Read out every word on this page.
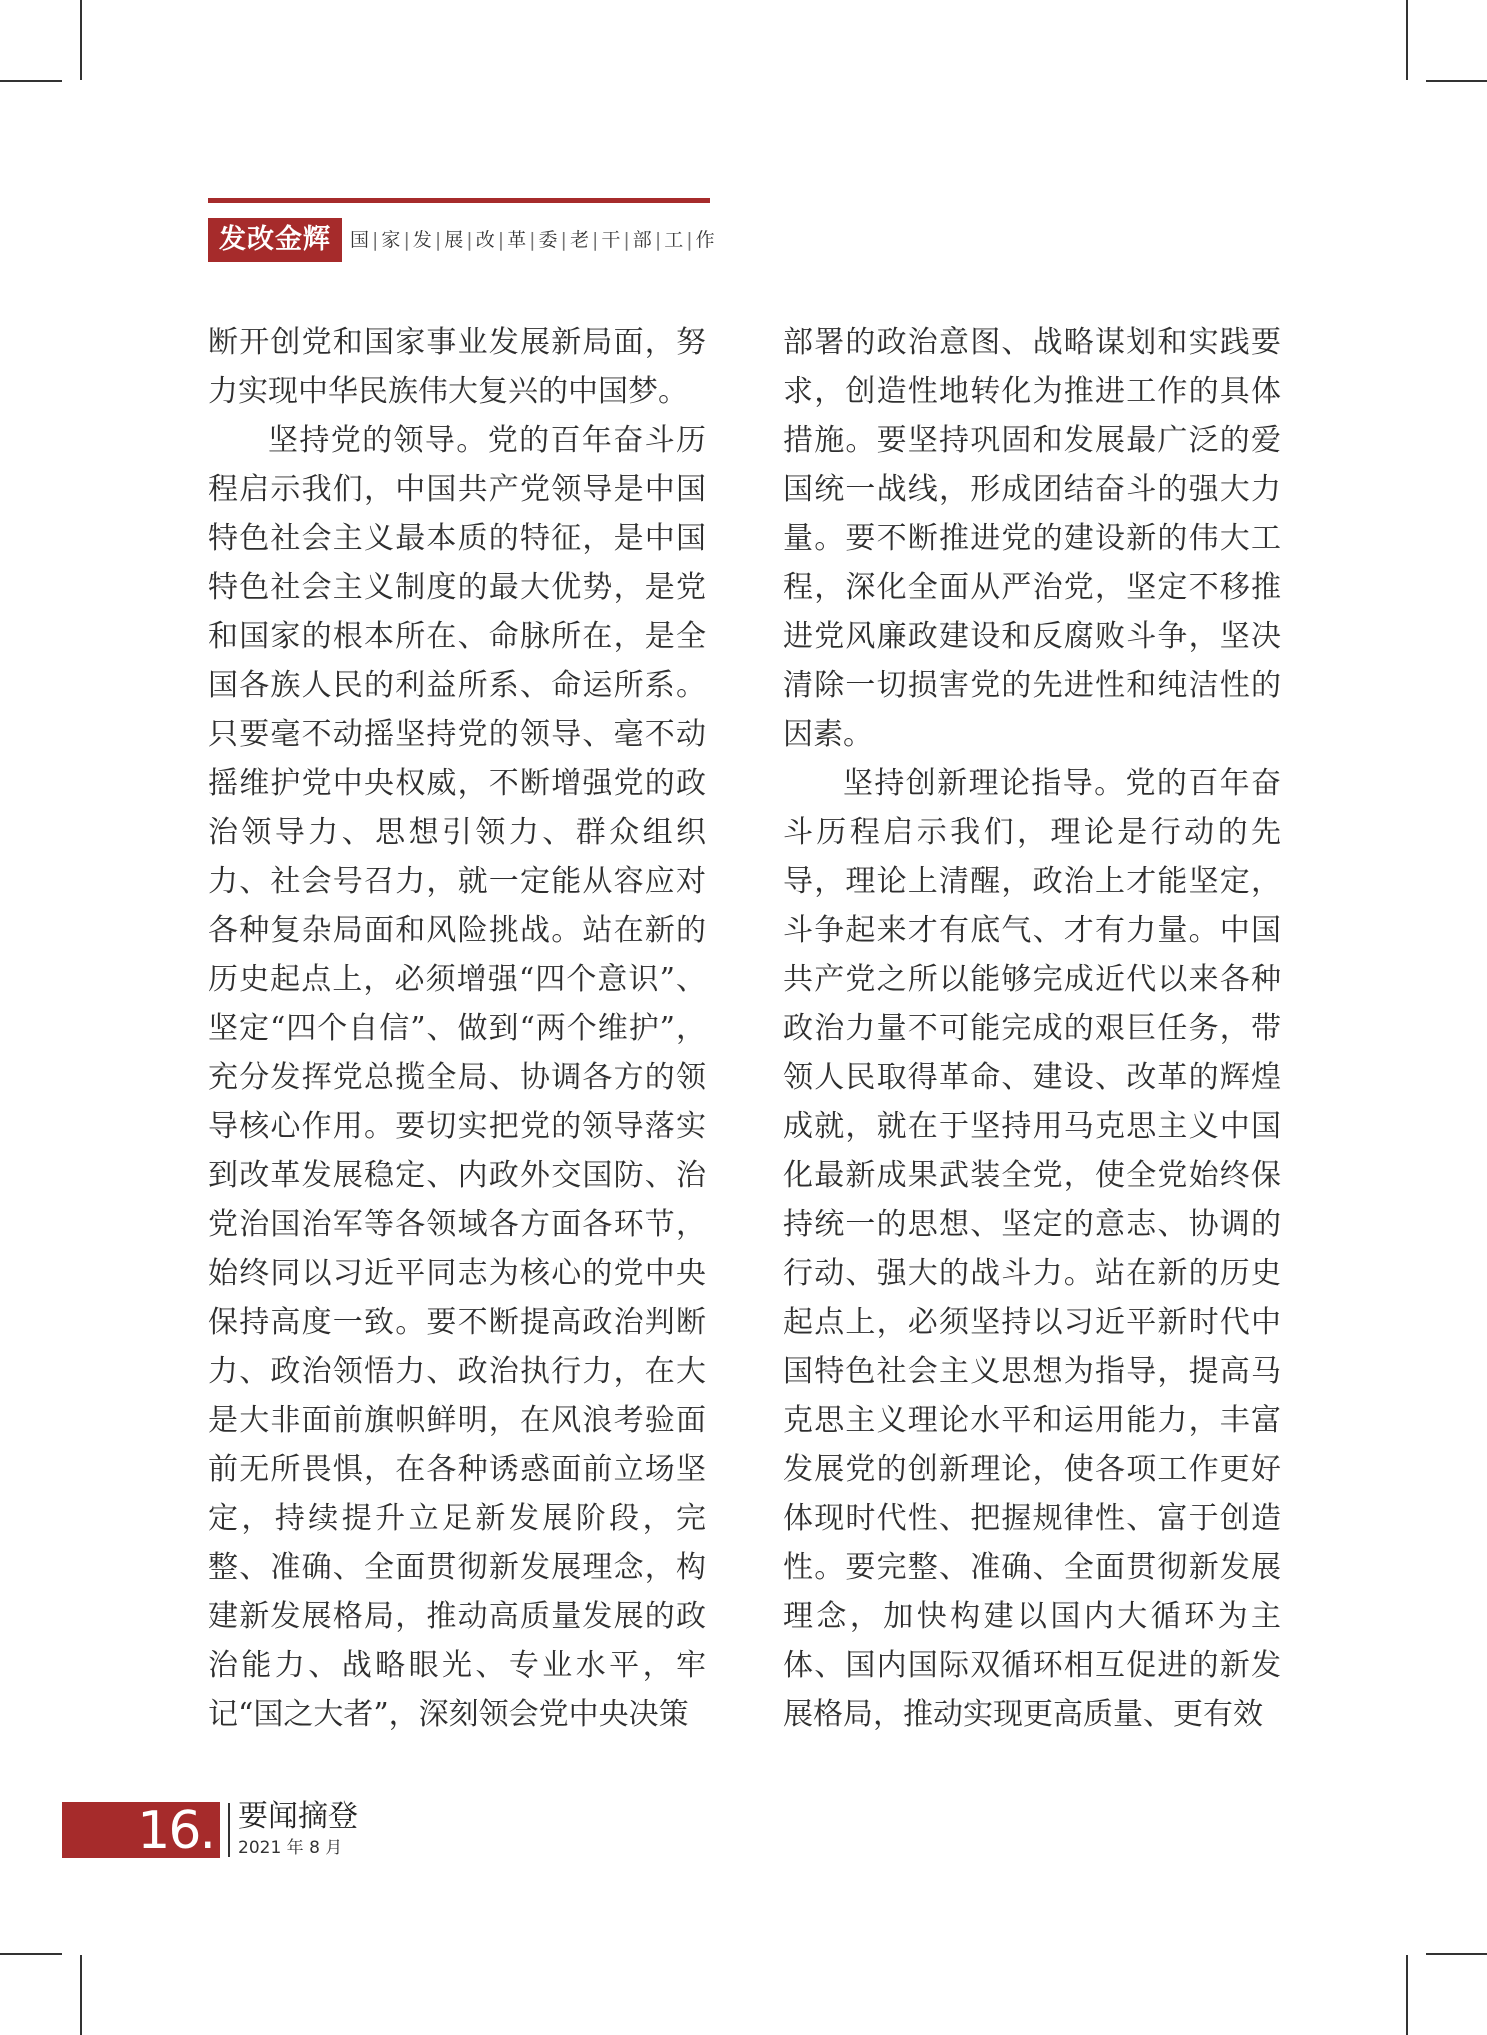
发改金辉	国 | 家 | 发 | 展 | 改 | 革 | 委 | 老 | 干 | 部 | 工 | 作

断开创党和国家事业发展新局面，努力实现中华民族伟大复兴的中国梦。

坚持党的领导。党的百年奋斗历程启示我们，中国共产党领导是中国特色社会主义最本质的特征，是中国特色社会主义制度的最大优势，是党和国家的根本所在、命脉所在，是全国各族人民的利益所系、命运所系。只要毫不动摇坚持党的领导、毫不动摇维护党中央权威，不断增强党的政治领导力、思想引领力、群众组织力、社会号召力，就一定能从容应对各种复杂局面和风险挑战。站在新的历史起点上，必须增强“四个意识”、坚定“四个自信”、做到“两个维护”，充分发挥党总揽全局、协调各方的领导核心作用。要切实把党的领导落实到改革发展稳定、内政外交国防、治党治国治军等各领域各方面各环节，始终同以习近平同志为核心的党中央保持高度一致。要不断提高政治判断力、政治领悟力、政治执行力，在大是大非面前旗帜鲜明，在风浪考验面前无所畏惧，在各种诱惑面前立场坚定，持续提升立足新发展阶段，完整、准确、全面贯彻新发展理念，构建新发展格局，推动高质量发展的政治能力、战略眼光、专业水平，牢记“国之大者”，深刻领会党中央决策

部署的政治意图、战略谋划和实践要求，创造性地转化为推进工作的具体措施。要坚持巩固和发展最广泛的爱国统一战线，形成团结奋斗的强大力量。要不断推进党的建设新的伟大工程，深化全面从严治党，坚定不移推进党风廉政建设和反腐败斗争，坚决清除一切损害党的先进性和纯洁性的因素。

坚持创新理论指导。党的百年奋斗历程启示我们，理论是行动的先导，理论上清醒，政治上才能坚定，斗争起来才有底气、才有力量。中国共产党之所以能够完成近代以来各种政治力量不可能完成的艰巨任务，带领人民取得革命、建设、改革的辉煌成就，就在于坚持用马克思主义中国化最新成果武装全党，使全党始终保持统一的思想、坚定的意志、协调的行动、强大的战斗力。站在新的历史起点上，必须坚持以习近平新时代中国特色社会主义思想为指导，提高马克思主义理论水平和运用能力，丰富发展党的创新理论，使各项工作更好体现时代性、把握规律性、富于创造性。要完整、准确、全面贯彻新发展理念，加快构建以国内大循环为主体、国内国际双循环相互促进的新发展格局，推动实现更高质量、更有效

16. 要闻摘登
2021 年 8 月
